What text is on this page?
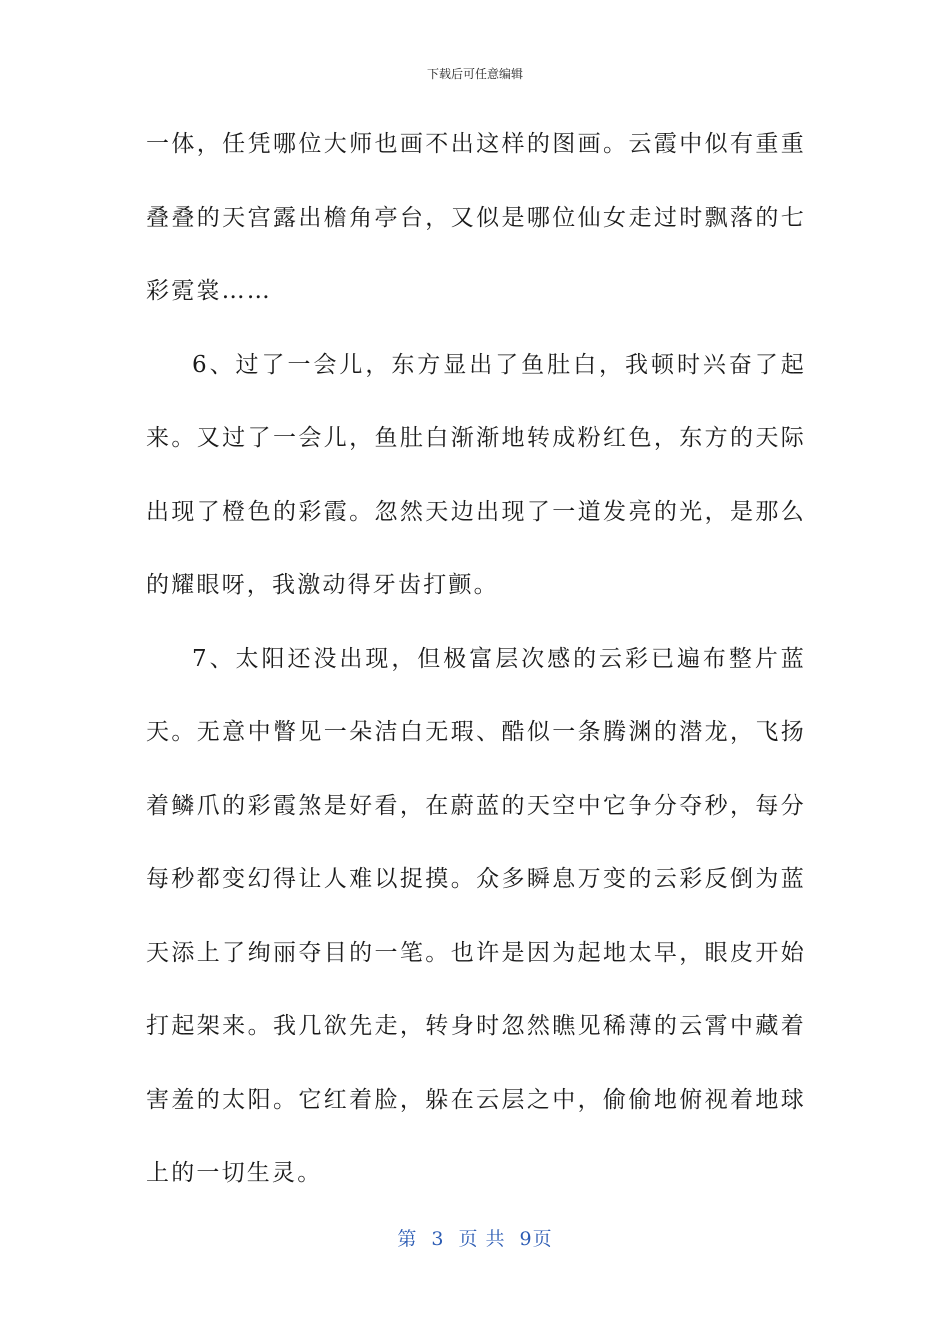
下载后可任意编辑

一体，任凭哪位大师也画不出这样的图画。云霞中似有重重叠叠的天宫露出檐角亭台，又似是哪位仙女走过时飘落的七彩霓裳……

6、过了一会儿，东方显出了鱼肚白，我顿时兴奋了起来。又过了一会儿，鱼肚白渐渐地转成粉红色，东方的天际出现了橙色的彩霞。忽然天边出现了一道发亮的光，是那么的耀眼呀，我激动得牙齿打颤。

7、太阳还没出现，但极富层次感的云彩已遍布整片蓝天。无意中瞥见一朵洁白无瑕、酷似一条腾渊的潜龙，飞扬着鳞爪的彩霞煞是好看，在蔚蓝的天空中它争分夺秒，每分每秒都变幻得让人难以捉摸。众多瞬息万变的云彩反倒为蓝天添上了绚丽夺目的一笔。也许是因为起地太早，眼皮开始打起架来。我几欲先走，转身时忽然瞧见稀薄的云霄中藏着害羞的太阳。它红着脸，躲在云层之中，偷偷地俯视着地球上的一切生灵。

第 3 页 共 9页
